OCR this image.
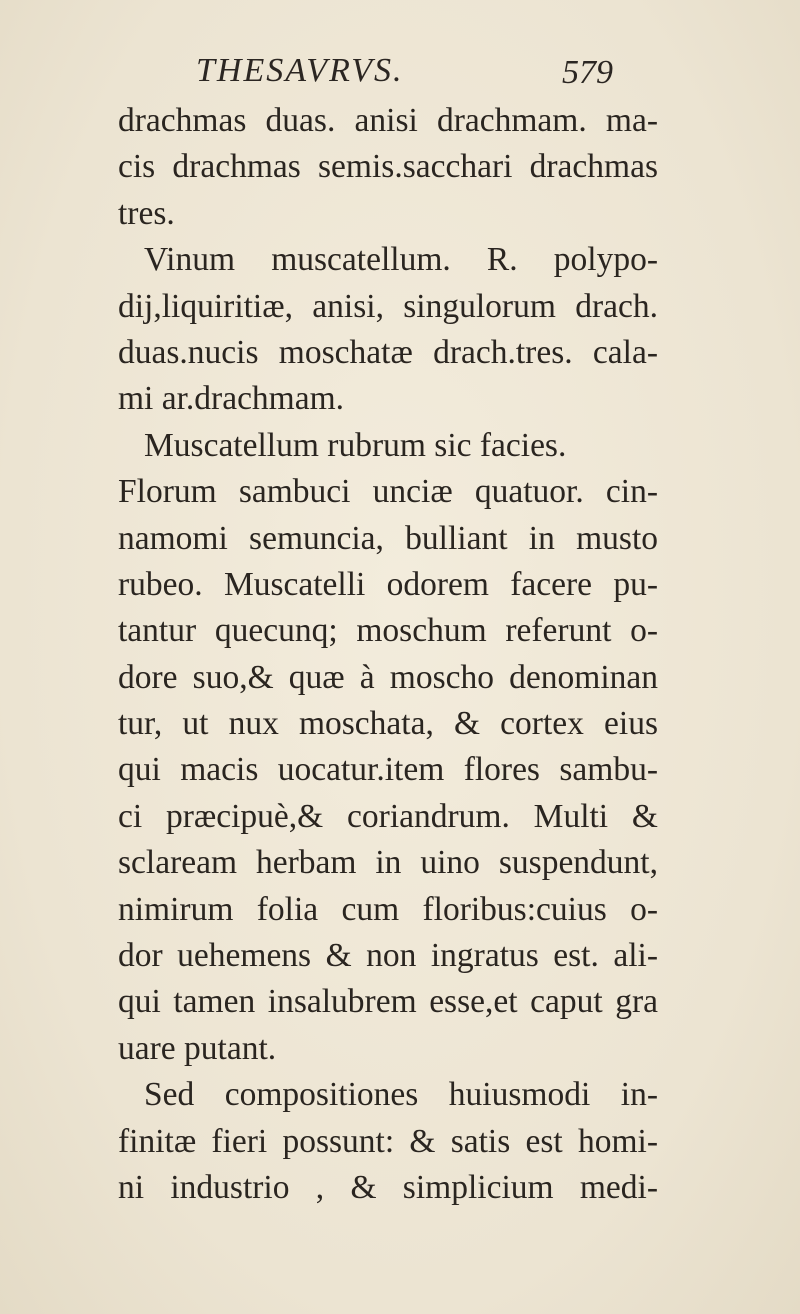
THESAVRVS.	579
drachmas duas. anisi drachmam. ma-
cis drachmas semis.sacchari drachmas
tres.
Vinum muscatellum. R. polypo-
dij,liquiritiæ, anisi, singulorum drach.
duas.nucis moschatæ drach.tres. cala-
mi ar.drachmam.
Muscatellum rubrum sic facies.
Florum sambuci unciæ quatuor. cin-
namomi semuncia, bulliant in musto
rubeo. Muscatelli odorem facere pu-
tantur quecunq; moschum referunt o-
dore suo,& quæ à moscho denominan
tur, ut nux moschata, & cortex eius
qui macis uocatur.item flores sambu-
ci præcipuè,& coriandrum. Multi &
sclaream herbam in uino suspendunt,
nimirum folia cum floribus:cuius o-
dor uehemens & non ingratus est. ali-
qui tamen insalubrem esse,et caput gra
uare putant.
Sed compositiones huiusmodi in-
finitæ fieri possunt: & satis est homi-
ni industrio , & simplicium medi-
